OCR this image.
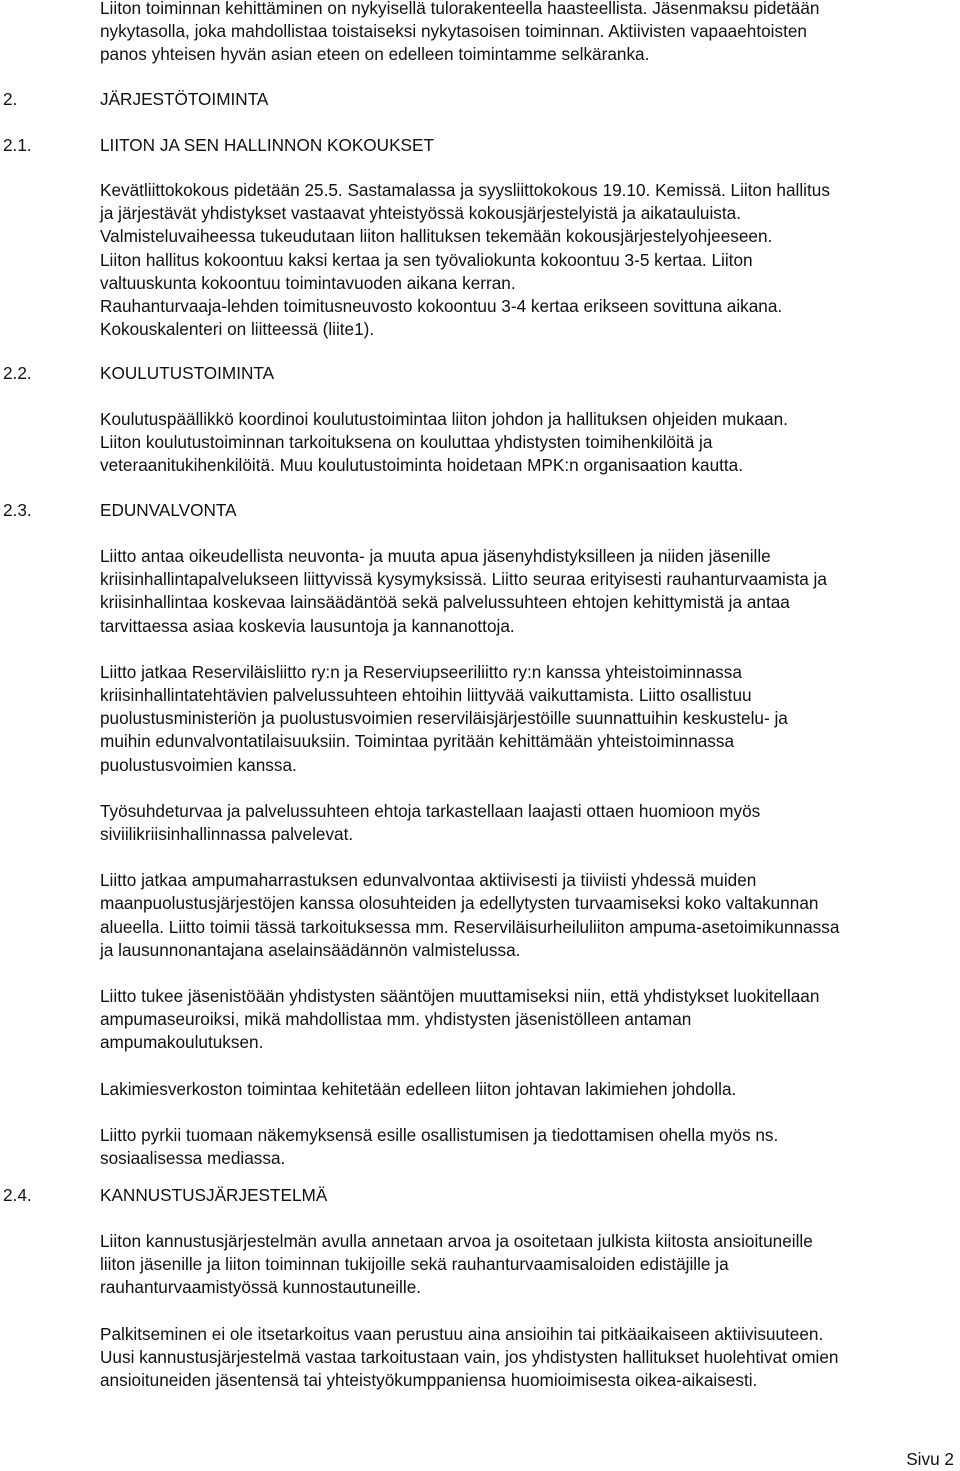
Liiton toiminnan kehittäminen on nykyisellä tulorakenteella haasteellista. Jäsenmaksu pidetään
nykytasolla, joka mahdollistaa toistaiseksi nykytasoisen toiminnan. Aktiivisten vapaaehtoisten
panos yhteisen hyvän asian eteen on edelleen toimintamme selkäranka.
2.	JÄRJESTÖTOIMINTA
2.1.	LIITON JA SEN HALLINNON KOKOUKSET
Kevätliittokokous pidetään 25.5. Sastamalassa ja syysliittokokous 19.10. Kemissä. Liiton hallitus
ja järjestävät yhdistykset vastaavat yhteistyössä kokousjärjestelyistä ja aikatauluista.
Valmisteluvaiheessa tukeudutaan liiton hallituksen tekemään kokousjärjestelyohjeeseen.
Liiton hallitus kokoontuu kaksi kertaa ja sen työvaliokunta kokoontuu 3-5 kertaa. Liiton
valtuuskunta kokoontuu toimintavuoden aikana kerran.
Rauhanturvaaja-lehden toimitusneuvosto kokoontuu 3-4 kertaa erikseen sovittuna aikana.
Kokouskalenteri on liitteessä (liite1).
2.2.	KOULUTUSTOIMINTA
Koulutuspäällikkö koordinoi koulutustoimintaa liiton johdon ja hallituksen ohjeiden mukaan.
Liiton koulutustoiminnan tarkoituksena on kouluttaa yhdistysten toimihenkilöitä ja
veteraanitukihenkilöitä. Muu koulutustoiminta hoidetaan MPK:n organisaation kautta.
2.3.	EDUNVALVONTA

Liitto antaa oikeudellista neuvonta- ja muuta apua jäsenyhdistyksilleen ja niiden jäsenille
kriisinhallintapalvelukseen liittyvissä kysymyksissä. Liitto seuraa erityisesti rauhanturvaamista ja
kriisinhallintaa koskevaa lainsäädäntöä sekä palvelussuhteen ehtojen kehittymistä ja antaa
tarvittaessa asiaa koskevia lausuntoja ja kannanottoja.

Liitto jatkaa Reserviläisliitto ry:n ja Reserviupseeriliitto ry:n kanssa yhteistoiminnassa
kriisinhallintatehtävien palvelussuhteen ehtoihin liittyvää vaikuttamista. Liitto osallistuu
puolustusministeriön ja puolustusvoimien reserviläisjärjestöille suunnattuihin keskustelu- ja
muihin edunvalvontatilaisuuksiin. Toimintaa pyritään kehittämään yhteistoiminnassa
puolustusvoimien kanssa.

Työsuhdeturvaa ja palvelussuhteen ehtoja tarkastellaan laajasti ottaen huomioon myös
siviilikriisinhallinnassa palvelevat.

Liitto jatkaa ampumaharrastuksen edunvalvontaa aktiivisesti ja tiiviisti yhdessä muiden
maanpuolustusjärjestöjen kanssa olosuhteiden ja edellytysten turvaamiseksi koko valtakunnan
alueella. Liitto toimii tässä tarkoituksessa mm. Reserviläisurheiluliiton ampuma-asetoimikunnassa
ja lausunnonantajana aselainsäädännön valmistelussa.

Liitto tukee jäsenistöään yhdistysten sääntöjen muuttamiseksi niin, että yhdistykset luokitellaan
ampumaseuroiksi, mikä mahdollistaa mm. yhdistysten jäsenistölleen antaman
ampumakoulutuksen.

Lakimiesverkoston toimintaa kehitetään edelleen liiton johtavan lakimiehen johdolla.

Liitto pyrkii tuomaan näkemyksensä esille osallistumisen ja tiedottamisen ohella myös ns.
sosiaalisessa mediassa.

2.4.	KANNUSTUSJÄRJESTELMÄ

Liiton kannustusjärjestelmän avulla annetaan arvoa ja osoitetaan julkista kiitosta ansioituneille
liiton jäsenille ja liiton toiminnan tukijoille sekä rauhanturvaamisaloiden edistäjille ja
rauhanturvaamistyössä kunnostautuneille.

Palkitseminen ei ole itsetarkoitus vaan perustuu aina ansioihin tai pitkäaikaiseen aktiivisuuteen.
Uusi kannustusjärjestelmä vastaa tarkoitustaan vain, jos yhdistysten hallitukset huolehtivat omien
ansioituneiden jäsentensä tai yhteistyökumppaniensa huomioimisesta oikea-aikaisesti.

Sivu 2
